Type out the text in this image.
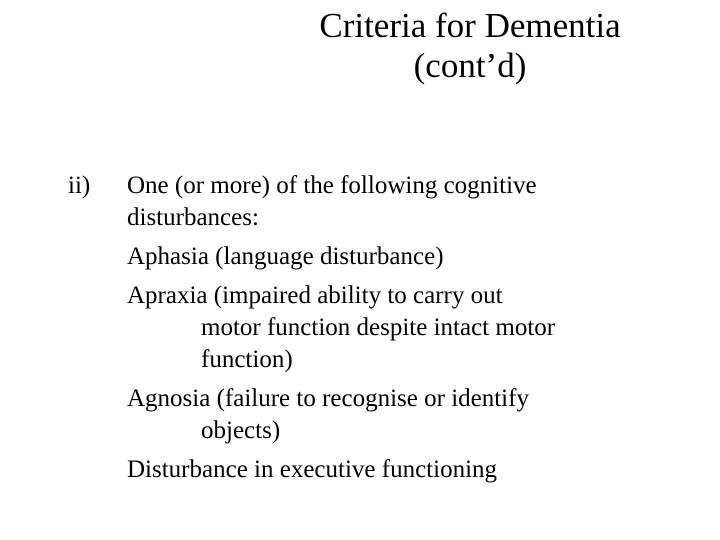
Criteria for Dementia
(cont’d)
ii) One (or more) of the following cognitive
disturbances:

Aphasia (language disturbance)

Apraxia (impaired ability to carry out
motor function despite intact motor
function)

Agnosia (failure to recognise or identify
objects)

Disturbance in executive functioning
